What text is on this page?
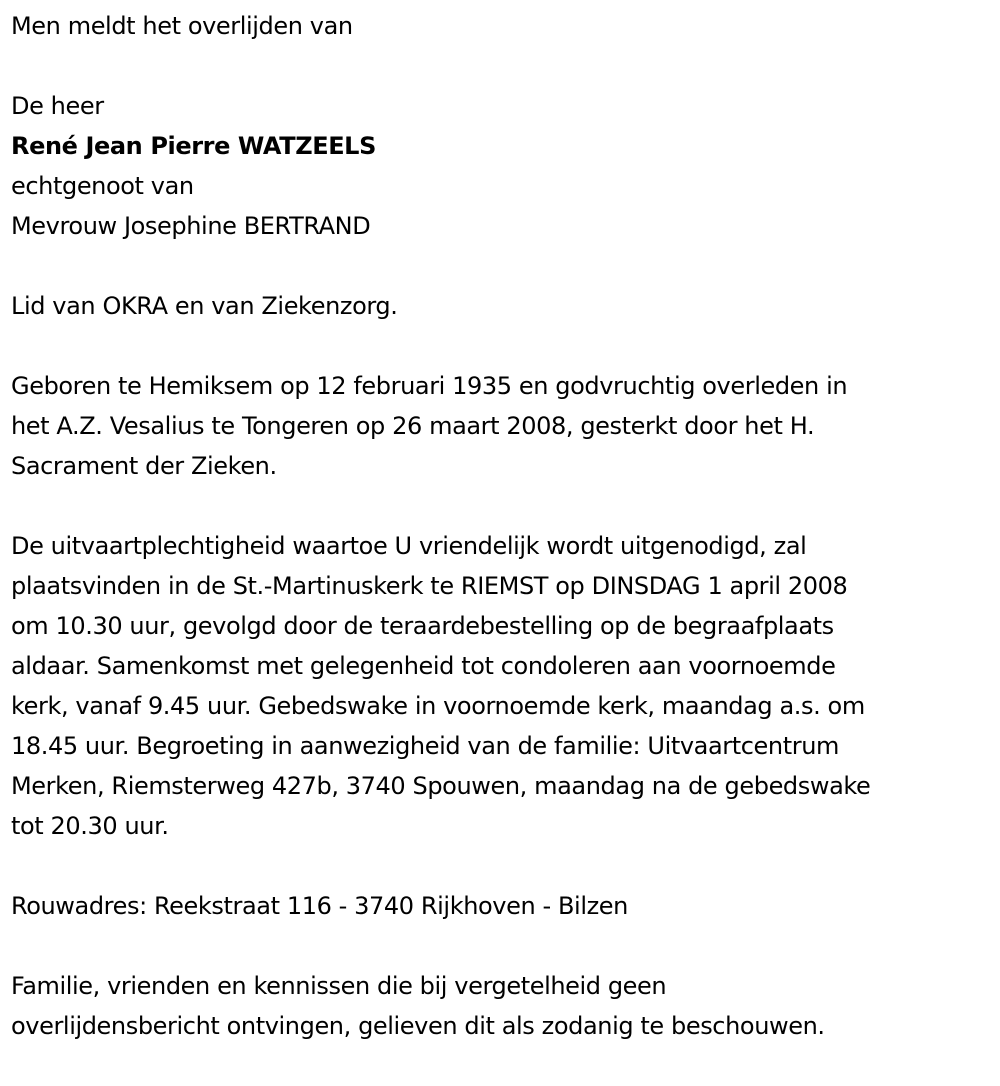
Men meldt het overlijden van
De heer
René Jean Pierre WATZEELS
echtgenoot van
Mevrouw Josephine BERTRAND
Lid van OKRA en van Ziekenzorg.
Geboren te Hemiksem op 12 februari 1935 en godvruchtig overleden in
het A.Z. Vesalius te Tongeren op 26 maart 2008, gesterkt door het H.
Sacrament der Zieken.
De uitvaartplechtigheid waartoe U vriendelijk wordt uitgenodigd, zal
plaatsvinden in de St.-Martinuskerk te RIEMST op DINSDAG 1 april 2008
om 10.30 uur, gevolgd door de teraardebestelling op de begraafplaats
aldaar. Samenkomst met gelegenheid tot condoleren aan voornoemde
kerk, vanaf 9.45 uur. Gebedswake in voornoemde kerk, maandag a.s. om
18.45 uur. Begroeting in aanwezigheid van de familie: Uitvaartcentrum
Merken, Riemsterweg 427b, 3740 Spouwen, maandag na de gebedswake
tot 20.30 uur.
Rouwadres: Reekstraat 116 - 3740 Rijkhoven - Bilzen
Familie, vrienden en kennissen die bij vergetelheid geen
overlijdensbericht ontvingen, gelieven dit als zodanig te beschouwen.
